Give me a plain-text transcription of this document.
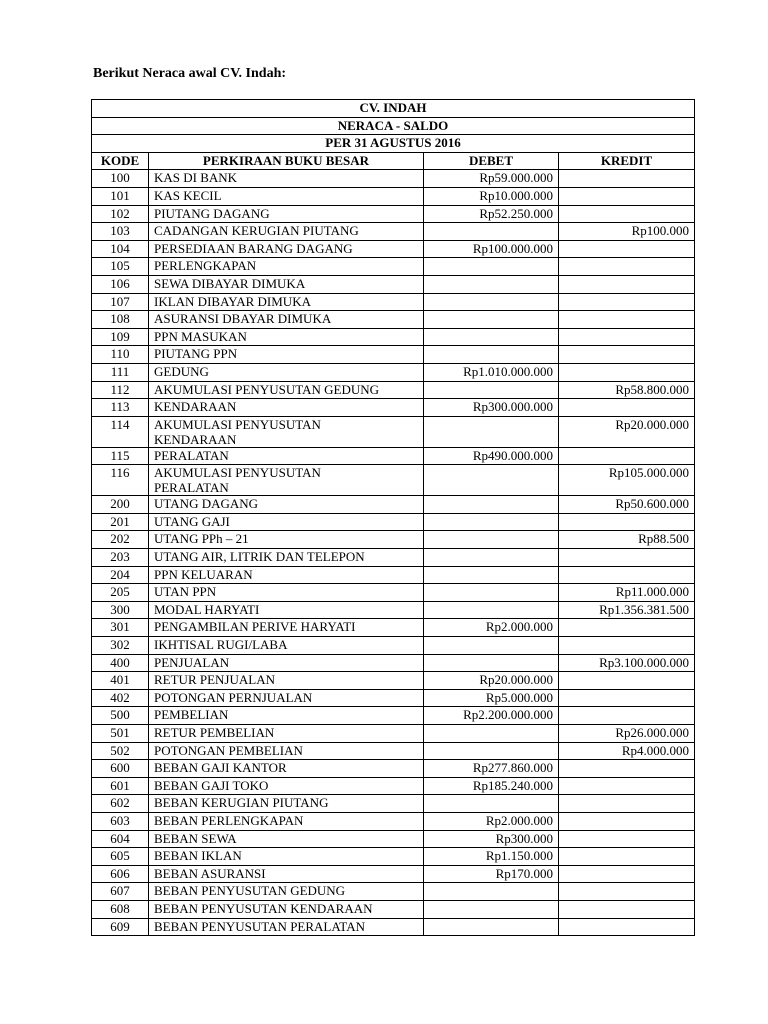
Berikut Neraca awal CV. Indah:
CV. INDAH			
NERACA - SALDO			
PER 31 AGUSTUS 2016			
KODE	PERKIRAAN BUKU BESAR	DEBET	KREDIT
100	KAS DI BANK	Rp59.000.000	
101	KAS KECIL	Rp10.000.000	
102	PIUTANG DAGANG	Rp52.250.000	
103	CADANGAN KERUGIAN PIUTANG		Rp100.000
104	PERSEDIAAN BARANG DAGANG	Rp100.000.000	
105	PERLENGKAPAN		
106	SEWA DIBAYAR DIMUKA		
107	IKLAN DIBAYAR DIMUKA		
108	ASURANSI DBAYAR DIMUKA		
109	PPN MASUKAN		
110	PIUTANG PPN		
111	GEDUNG	Rp1.010.000.000	
112	AKUMULASI PENYUSUTAN GEDUNG		Rp58.800.000
113	KENDARAAN	Rp300.000.000	
114	AKUMULASI PENYUSUTAN
KENDARAAN		Rp20.000.000
115	PERALATAN	Rp490.000.000	
116	AKUMULASI PENYUSUTAN
PERALATAN		Rp105.000.000
200	UTANG DAGANG		Rp50.600.000
201	UTANG GAJI		
202	UTANG PPh – 21		Rp88.500
203	UTANG AIR, LITRIK DAN TELEPON		
204	PPN KELUARAN		
205	UTAN PPN		Rp11.000.000
300	MODAL HARYATI		Rp1.356.381.500
301	PENGAMBILAN PERIVE HARYATI	Rp2.000.000	
302	IKHTISAL RUGI/LABA		
400	PENJUALAN		Rp3.100.000.000
401	RETUR PENJUALAN	Rp20.000.000	
402	POTONGAN PERNJUALAN	Rp5.000.000	
500	PEMBELIAN	Rp2.200.000.000	
501	RETUR PEMBELIAN		Rp26.000.000
502	POTONGAN PEMBELIAN		Rp4.000.000
600	BEBAN GAJI KANTOR	Rp277.860.000	
601	BEBAN GAJI TOKO	Rp185.240.000	
602	BEBAN KERUGIAN PIUTANG		
603	BEBAN PERLENGKAPAN	Rp2.000.000	
604	BEBAN SEWA	Rp300.000	
605	BEBAN IKLAN	Rp1.150.000	
606	BEBAN ASURANSI	Rp170.000	
607	BEBAN PENYUSUTAN GEDUNG		
608	BEBAN PENYUSUTAN KENDARAAN		
609	BEBAN PENYUSUTAN PERALATAN		
